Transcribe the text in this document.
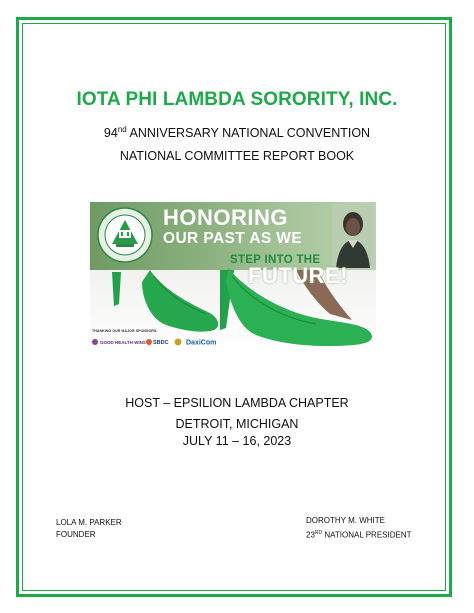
IOTA PHI LAMBDA SORORITY, INC.
94nd ANNIVERSARY NATIONAL CONVENTION
NATIONAL COMMITTEE REPORT BOOK
HONORING
OUR PAST AS WE
STEP INTO THE
FUTURE!
THANKING OUR MAJOR SPONSORS:
GOOD HEALTH WINS SBDC DaxiCom
HOST – EPSILION LAMBDA CHAPTER
DETROIT, MICHIGAN
JULY 11 – 16, 2023
LOLA M. PARKER
FOUNDER
DOROTHY M. WHITE
23RD NATIONAL PRESIDENT
